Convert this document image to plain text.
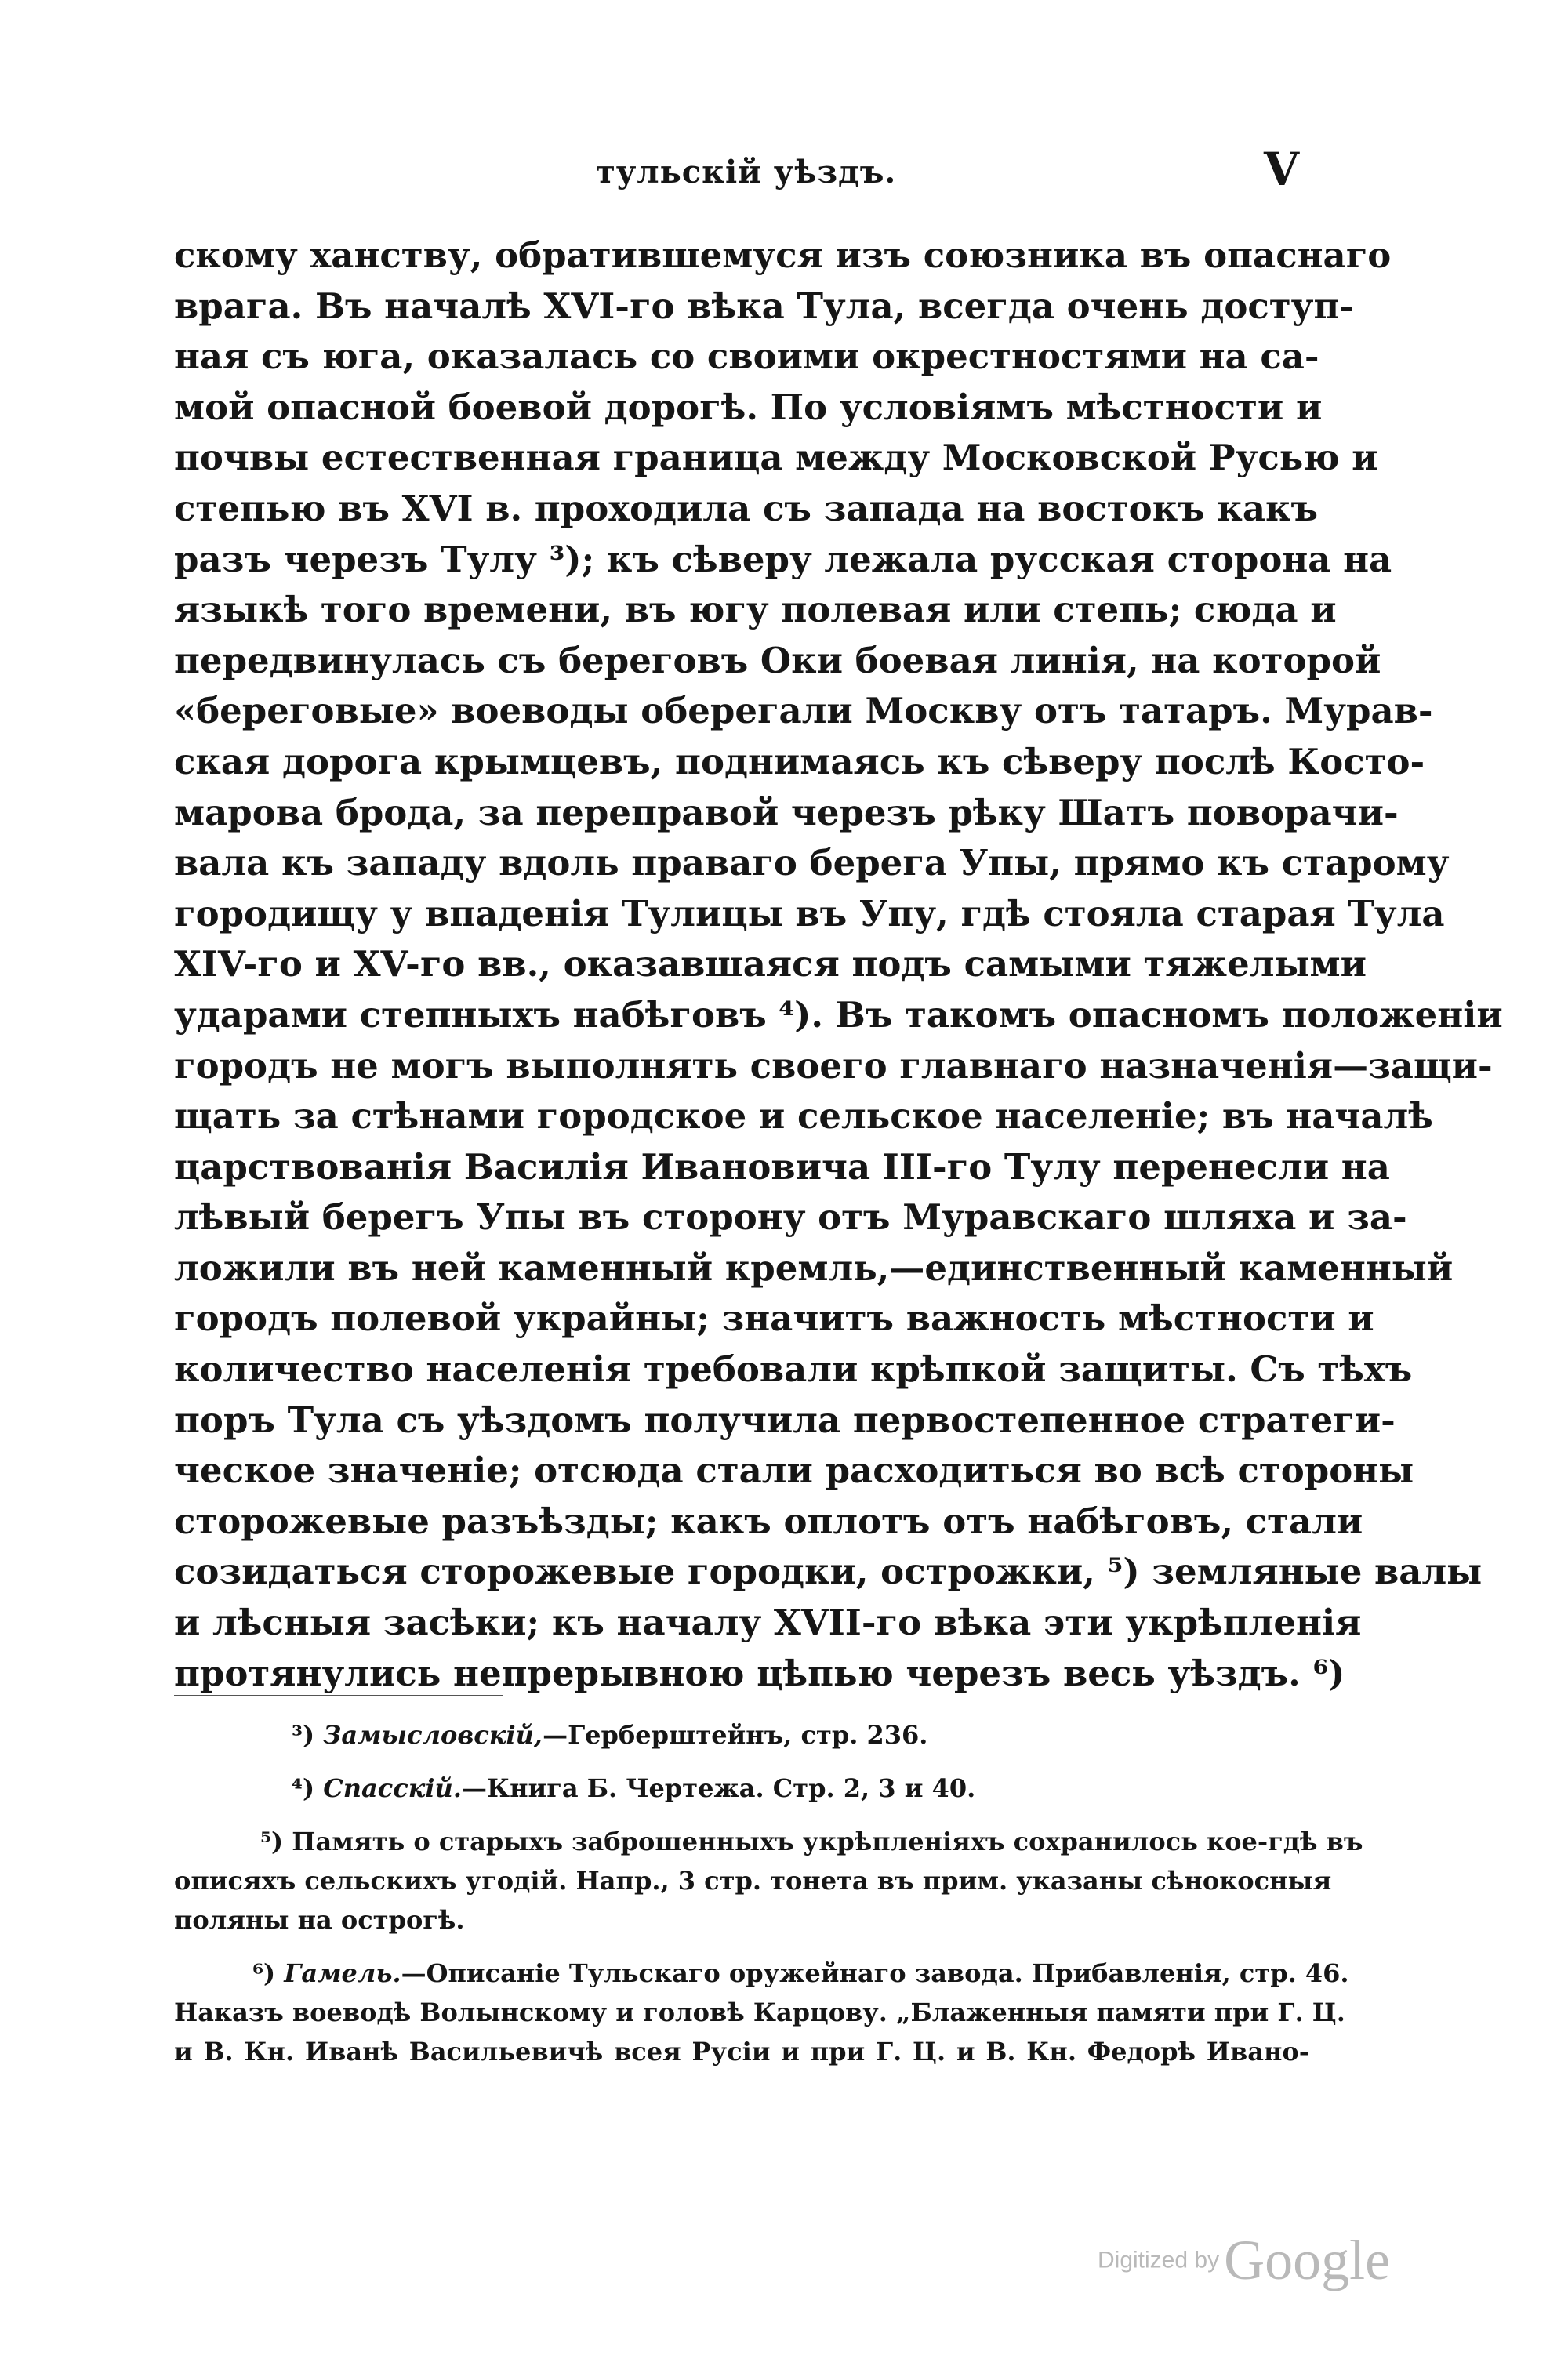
тульскій уѣздъ.	V
скому ханству, обратившемуся изъ союзника въ опаснаго
врага. Въ началѣ XVI-го вѣка Тула, всегда очень доступ-
ная съ юга, оказалась со своими окрестностями на са-
мой опасной боевой дорогѣ. По условіямъ мѣстности и
почвы естественная граница между Московской Русью и
степью въ XVI в. проходила съ запада на востокъ какъ
разъ черезъ Тулу ³); къ сѣверу лежала русская сторона на
языкѣ того времени, въ югу полевая или степь; сюда и
передвинулась съ береговъ Оки боевая линія, на которой
«береговые» воеводы оберегали Москву отъ татаръ. Мурав-
ская дорога крымцевъ, поднимаясь къ сѣверу послѣ Косто-
марова брода, за переправой черезъ рѣку Шатъ поворачи-
вала къ западу вдоль праваго берега Упы, прямо къ старому
городищу у впаденія Тулицы въ Упу, гдѣ стояла старая Тула
XIV-го и XV-го вв., оказавшаяся подъ самыми тяжелыми
ударами степныхъ набѣговъ ⁴). Въ такомъ опасномъ положеніи
городъ не могъ выполнять своего главнаго назначенія—защи-
щать за стѣнами городское и сельское населеніе; въ началѣ
царствованія Василія Ивановича III-го Тулу перенесли на
лѣвый берегъ Упы въ сторону отъ Муравскаго шляха и за-
ложили въ ней каменный кремль,—единственный каменный
городъ полевой украйны; значитъ важность мѣстности и
количество населенія требовали крѣпкой защиты. Съ тѣхъ
поръ Тула съ уѣздомъ получила первостепенное стратеги-
ческое значеніе; отсюда стали расходиться во всѣ стороны
сторожевые разъѣзды; какъ оплотъ отъ набѣговъ, стали
созидаться сторожевые городки, острожки, ⁵) земляные валы
и лѣсныя засѣки; къ началу XVII-го вѣка эти укрѣпленія
протянулись непрерывною цѣпью черезъ весь уѣздъ. ⁶)
³) Замысловскій,—Герберштейнъ, стр. 236.
⁴) Спасскій.—Книга Б. Чертежа. Стр. 2, 3 и 40.
⁵) Память о старыхъ заброшенныхъ укрѣпленіяхъ сохранилось кое-гдѣ въ
описяхъ сельскихъ угодій. Напр., 3 стр. тонета въ прим. указаны сѣнокосныя
поляны на острогѣ.
⁶) Гамель.—Описаніе Тульскаго оружейнаго завода. Прибавленія, стр. 46.
Наказъ воеводѣ Волынскому и головѣ Карцову. „Блаженныя памяти при Г. Ц.
и В. Кн. Иванѣ Васильевичѣ всея Русіи и при Г. Ц. и В. Кн. Федорѣ Ивано-
Digitized byGoogle
